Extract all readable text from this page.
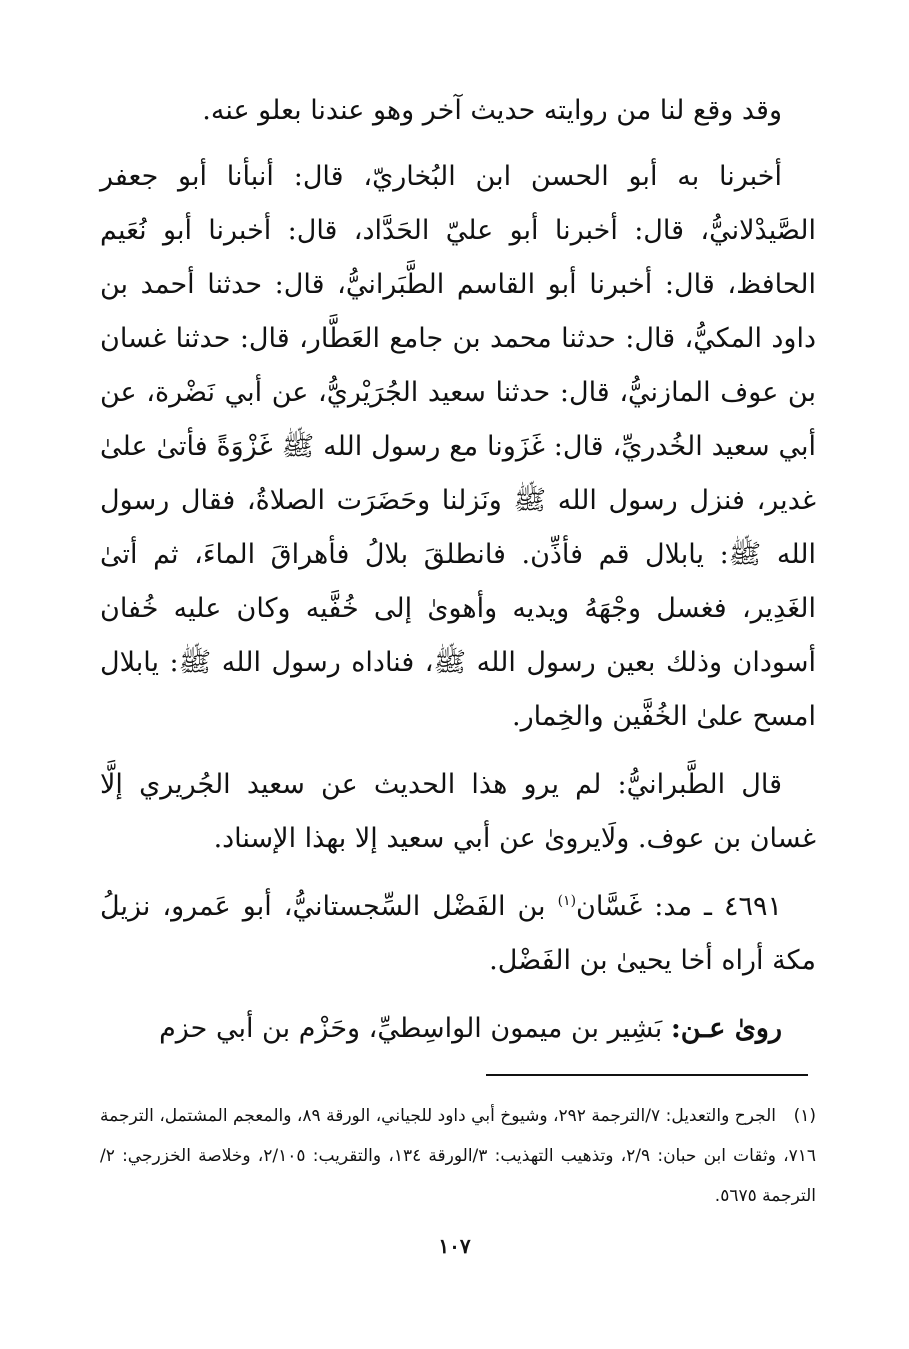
وقد وقع لنا من روايته حديث آخر وهو عندنا بعلو عنه.

أخبرنا به أبو الحسن ابن البُخاريّ، قال: أنبأنا أبو جعفر الصَّيدْلانيُّ، قال: أخبرنا أبو عليّ الحَدَّاد، قال: أخبرنا أبو نُعَيم الحافظ، قال: أخبرنا أبو القاسم الطَّبَرانيُّ، قال: حدثنا أحمد بن داود المكيُّ، قال: حدثنا محمد بن جامع العَطَّار، قال: حدثنا غسان بن عوف المازنيُّ، قال: حدثنا سعيد الجُرَيْريُّ، عن أبي نَضْرة، عن أبي سعيد الخُدريِّ، قال: غَزَونا مع رسول الله ﷺ غَزْوَةً فأتىٰ علىٰ غدير، فنزل رسول الله ﷺ ونَزلنا وحَضَرَت الصلاةُ، فقال رسول الله ﷺ: يابلال قم فأذِّن. فانطلقَ بلالُ فأهراقَ الماءَ، ثم أتىٰ الغَدِير، فغسل وجْهَهُ ويديه وأهوىٰ إلى خُفَّيه وكان عليه خُفان أسودان وذلك بعين رسول الله ﷺ، فناداه رسول الله ﷺ: يابلال امسح علىٰ الخُفَّين والخِمار.

قال الطَّبرانيُّ: لم يرو هذا الحديث عن سعيد الجُريري إلَّا غسان بن عوف. ولَايروىٰ عن أبي سعيد إلا بهذا الإسناد.

٤٦٩١ ـ مد: غَسَّان$^{(١)}$ بن الفَضْل السِّجستانيُّ، أبو عَمرو، نزيلُ مكة أراه أخا يحيىٰ بن الفَضْل.

روىٰ عـن: بَشِير بن ميمون الواسِطيِّ، وحَزْم بن أبي حزم

(١)الجرح والتعديل: ٧/الترجمة ٢٩٢، وشيوخ أبي داود للجياني، الورقة ٨٩، والمعجم المشتمل، الترجمة ٧١٦، وثقات ابن حبان: ٢/٩، وتذهيب التهذيب: ٣/الورقة ١٣٤، والتقريب: ٢/١٠٥، وخلاصة الخزرجي: ٢/الترجمة ٥٦٧٥.
١٠٧
